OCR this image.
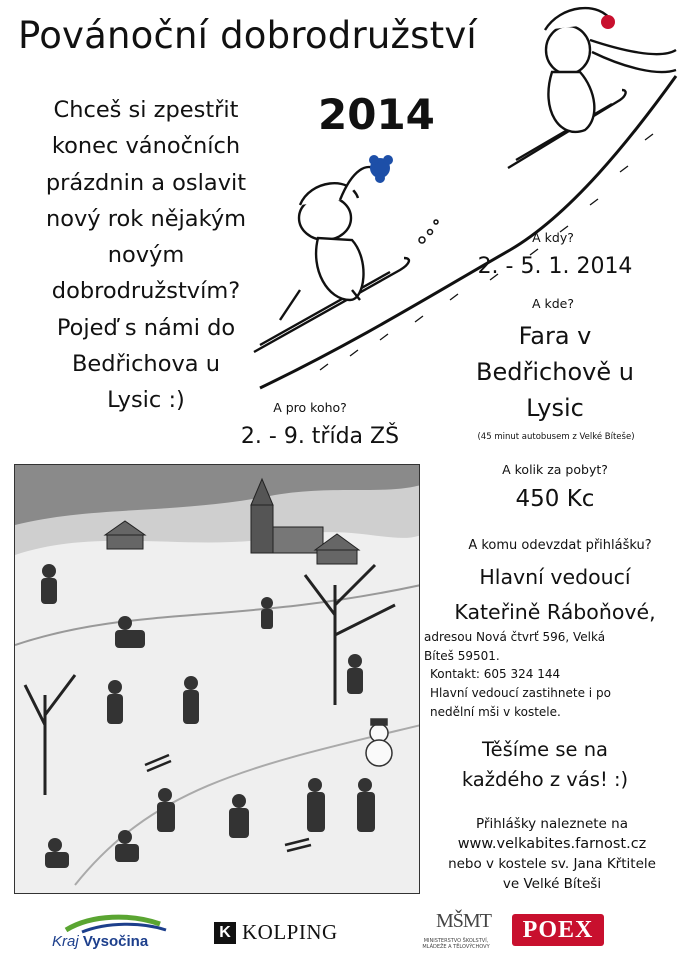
Povánoční dobrodružství
2014
Chceš si zpestřit
konec vánočních
prázdnin a oslavit
nový rok nějakým
novým
dobrodružstvím?
Pojeď s námi do
Bedřichova u
Lysic :)
A kdy?
2. - 5. 1. 2014
A kde?
Fara v
Bedřichově u
Lysic
(45 minut autobusem z Velké Bíteše)
A pro koho?
2. - 9. třída ZŠ
A kolik za pobyt?
450 Kc
A komu odevzdat přihlášku?
Hlavní vedoucí
Kateřině Ráboňové,
adresou Nová čtvrť 596, Velká
Bíteš 59501.
Kontakt: 605 324 144
Hlavní vedoucí zastihnete i po
nedělní mši v kostele.
Těšíme se na
každého z vás! :)
Přihlášky naleznete na
www.velkabites.farnost.cz
nebo v kostele sv. Jana Křtitele
ve Velké Bíteši
Kraj Vysočina
K KOLPING	MŠMT
MINISTERSTVO ŠKOLSTVÍ, MLÁDEŽE A TĚLOVÝCHOVY
POEX
